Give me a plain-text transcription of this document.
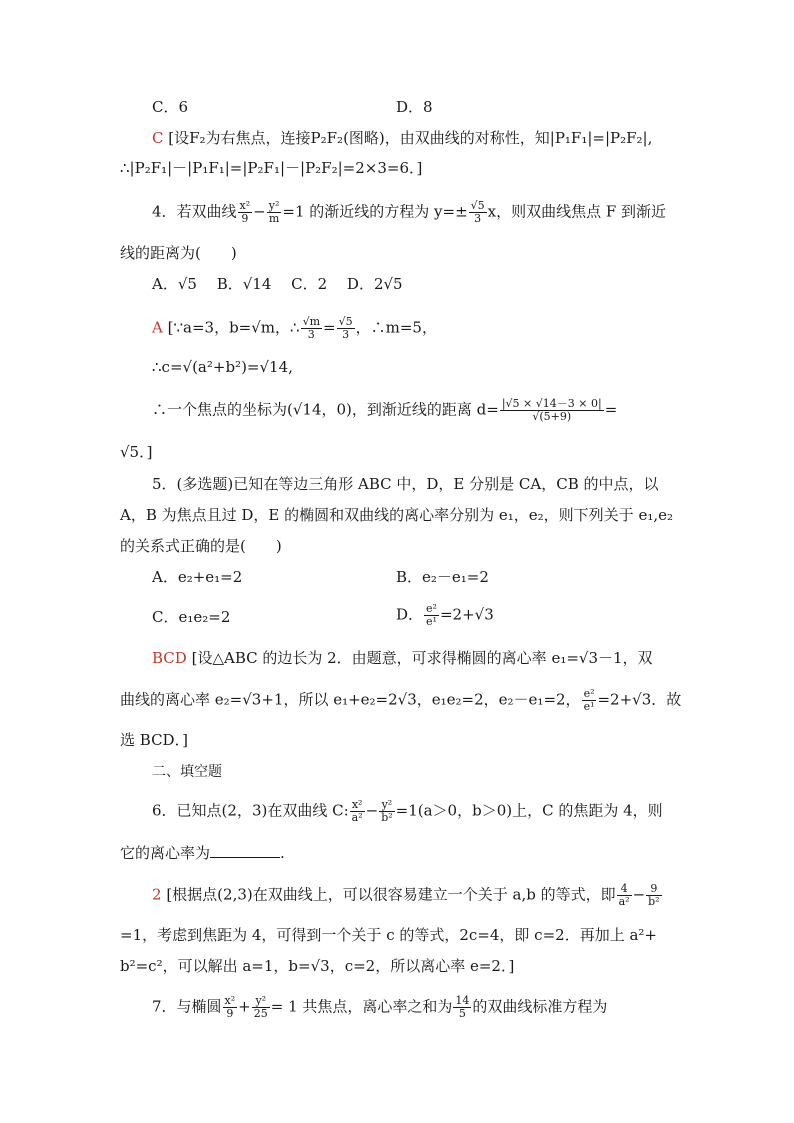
C．6	D．8
C [设F₂为右焦点，连接P₂F₂(图略)，由双曲线的对称性，知|P₁F₁|=|P₂F₂|,
∴|P₂F₁|－|P₁F₁|=|P₂F₁|－|P₂F₂|=2×3=6．]
4．若双曲线 $\frac{\text{x²}}{9} - \frac{\text{y²}}{m} =1$ 的渐近线的方程为 $y=\pm \frac{√5}{3}$ x，则双曲线焦点 F 到渐近
线的距离为(　　)
A．√5　 B．√14　 C．2　 D．2√5
A [∵a=3，b=√m，∴ $\frac{√m}{3} = \frac{√5}{3}$ ，∴m=5，
∴c=√(a²+b²)=√14,
∴一个焦点的坐标为(√14，0)，到渐近线的距离 $d= \frac{|√5 \times √14-3 \times 0|}{√(5+9)}$ =
√5．]
5．(多选题)已知在等边三角形 ABC 中，D，E 分别是 CA，CB 的中点，以
A，B 为焦点且过 D，E 的椭圆和双曲线的离心率分别为 e₁，e₂，则下列关于 e₁,e₂
的关系式正确的是(　　)
A．e₂+e₁=2	B．e₂－e₁=2
C．e₁e₂=2	D． $\frac{\text{e²}}{\text{e¹}} =2+√3$
BCD [设△ABC 的边长为 2．由题意，可求得椭圆的离心率 e₁=√3－1，双
曲线的离心率 e₂=√3+1，所以 e₁+e₂=2√3，e₁e₂=2，e₂－e₁=2， $\frac{\text{e²}}{\text{e¹}} =2+√3$．故
选 BCD．]
二、填空题
6．已知点(2，3)在双曲线 C: $\frac{\text{x²}}{\text{a²}} - \frac{\text{y²}}{\text{b²}} =1(a>0$，b＞0)上，C 的焦距为 4，则
它的离心率为	.
2 [根据点(2,3)在双曲线上，可以很容易建立一个关于 a,b 的等式，即 $\frac{4}{\text{a²}} - \frac{9}{\text{b²}}$
=1，考虑到焦距为 4，可得到一个关于 c 的等式，2c=4，即 c=2．再加上 a²+
b²=c²，可以解出 a=1，b=√3，c=2，所以离心率 e=2．]
7．与椭圆 $\frac{\text{x²}}{9} + \frac{\text{y²}}{25} = 1$ 共焦点，离心率之和为 $\frac{14}{5}$ 的双曲线标准方程为
